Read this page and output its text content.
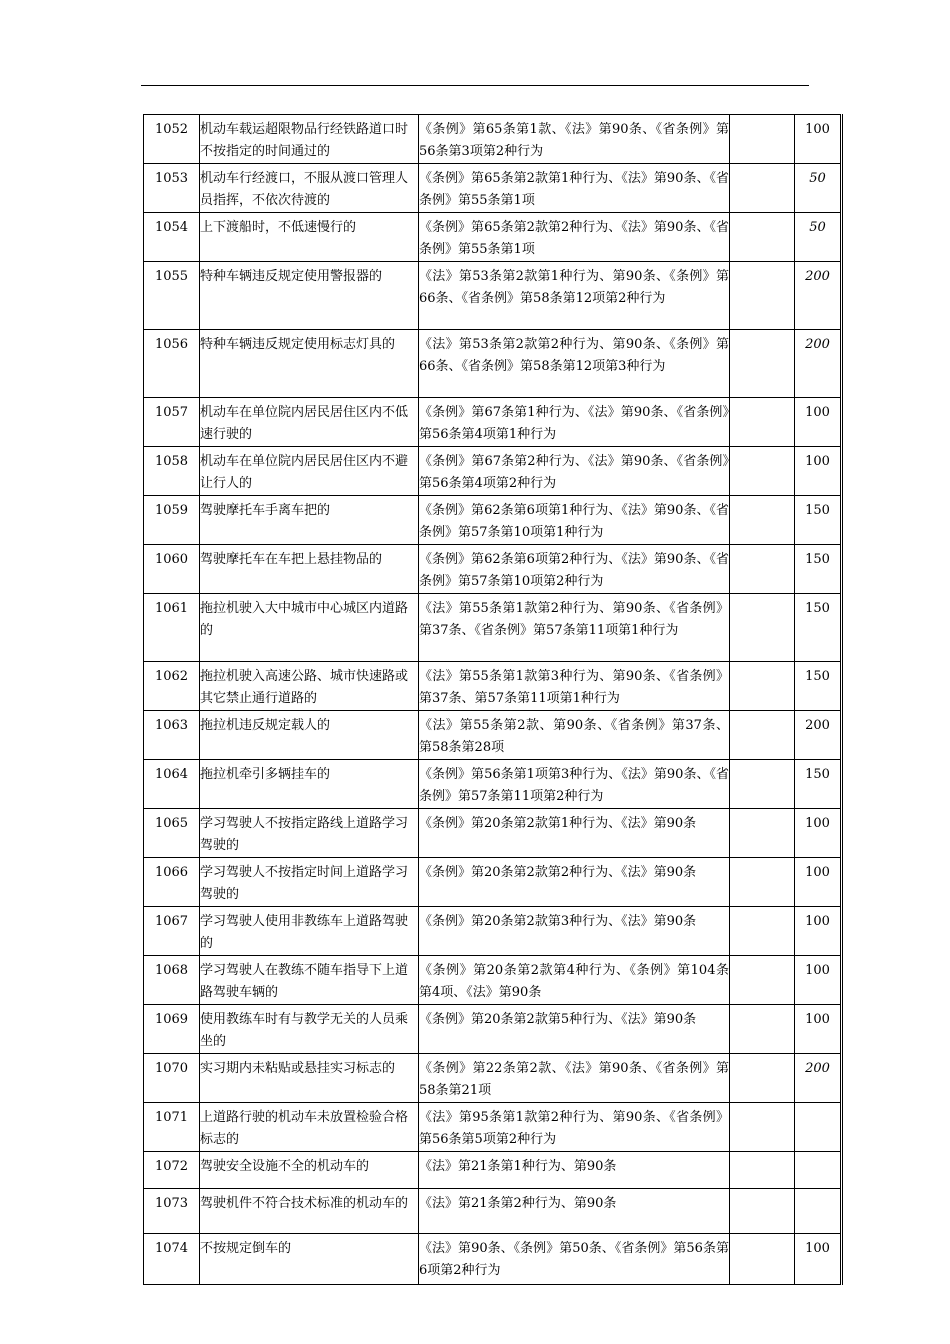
1052	机动车载运超限物品行经铁路道口时不按指定的时间通过的	《条例》第65条第1款、《法》第90条、《省条例》第56条第3项第2种行为		100	
1053	机动车行经渡口，不服从渡口管理人员指挥，不依次待渡的	《条例》第65条第2款第1种行为、《法》第90条、《省条例》第55条第1项		50	
1054	上下渡船时，不低速慢行的	《条例》第65条第2款第2种行为、《法》第90条、《省条例》第55条第1项		50	
1055	特种车辆违反规定使用警报器的	《法》第53条第2款第1种行为、第90条、《条例》第66条、《省条例》第58条第12项第2种行为		200	
1056	特种车辆违反规定使用标志灯具的	《法》第53条第2款第2种行为、第90条、《条例》第66条、《省条例》第58条第12项第3种行为		200	
1057	机动车在单位院内居民居住区内不低速行驶的	《条例》第67条第1种行为、《法》第90条、《省条例》第56条第4项第1种行为		100	
1058	机动车在单位院内居民居住区内不避让行人的	《条例》第67条第2种行为、《法》第90条、《省条例》第56条第4项第2种行为		100	
1059	驾驶摩托车手离车把的	《条例》第62条第6项第1种行为、《法》第90条、《省条例》第57条第10项第1种行为		150	
1060	驾驶摩托车在车把上悬挂物品的	《条例》第62条第6项第2种行为、《法》第90条、《省条例》第57条第10项第2种行为		150	
1061	拖拉机驶入大中城市中心城区内道路的	《法》第55条第1款第2种行为、第90条、《省条例》第37条、《省条例》第57条第11项第1种行为		150	
1062	拖拉机驶入高速公路、城市快速路或其它禁止通行道路的	《法》第55条第1款第3种行为、第90条、《省条例》第37条、第57条第11项第1种行为		150	
1063	拖拉机违反规定载人的	《法》第55条第2款、第90条、《省条例》第37条、第58条第28项		200	
1064	拖拉机牵引多辆挂车的	《条例》第56条第1项第3种行为、《法》第90条、《省条例》第57条第11项第2种行为		150	
1065	学习驾驶人不按指定路线上道路学习驾驶的	《条例》第20条第2款第1种行为、《法》第90条		100	
1066	学习驾驶人不按指定时间上道路学习驾驶的	《条例》第20条第2款第2种行为、《法》第90条		100	
1067	学习驾驶人使用非教练车上道路驾驶的	《条例》第20条第2款第3种行为、《法》第90条		100	
1068	学习驾驶人在教练不随车指导下上道路驾驶车辆的	《条例》第20条第2款第4种行为、《条例》第104条第4项、《法》第90条		100	
1069	使用教练车时有与教学无关的人员乘坐的	《条例》第20条第2款第5种行为、《法》第90条		100	
1070	实习期内未粘贴或悬挂实习标志的	《条例》第22条第2款、《法》第90条、《省条例》第58条第21项		200	
1071	上道路行驶的机动车未放置检验合格标志的	《法》第95条第1款第2种行为、第90条、《省条例》第56条第5项第2种行为			
1072	驾驶安全设施不全的机动车的	《法》第21条第1种行为、第90条			
1073	驾驶机件不符合技术标准的机动车的	《法》第21条第2种行为、第90条			
1074	不按规定倒车的	《法》第90条、《条例》第50条、《省条例》第56条第6项第2种行为		100	
